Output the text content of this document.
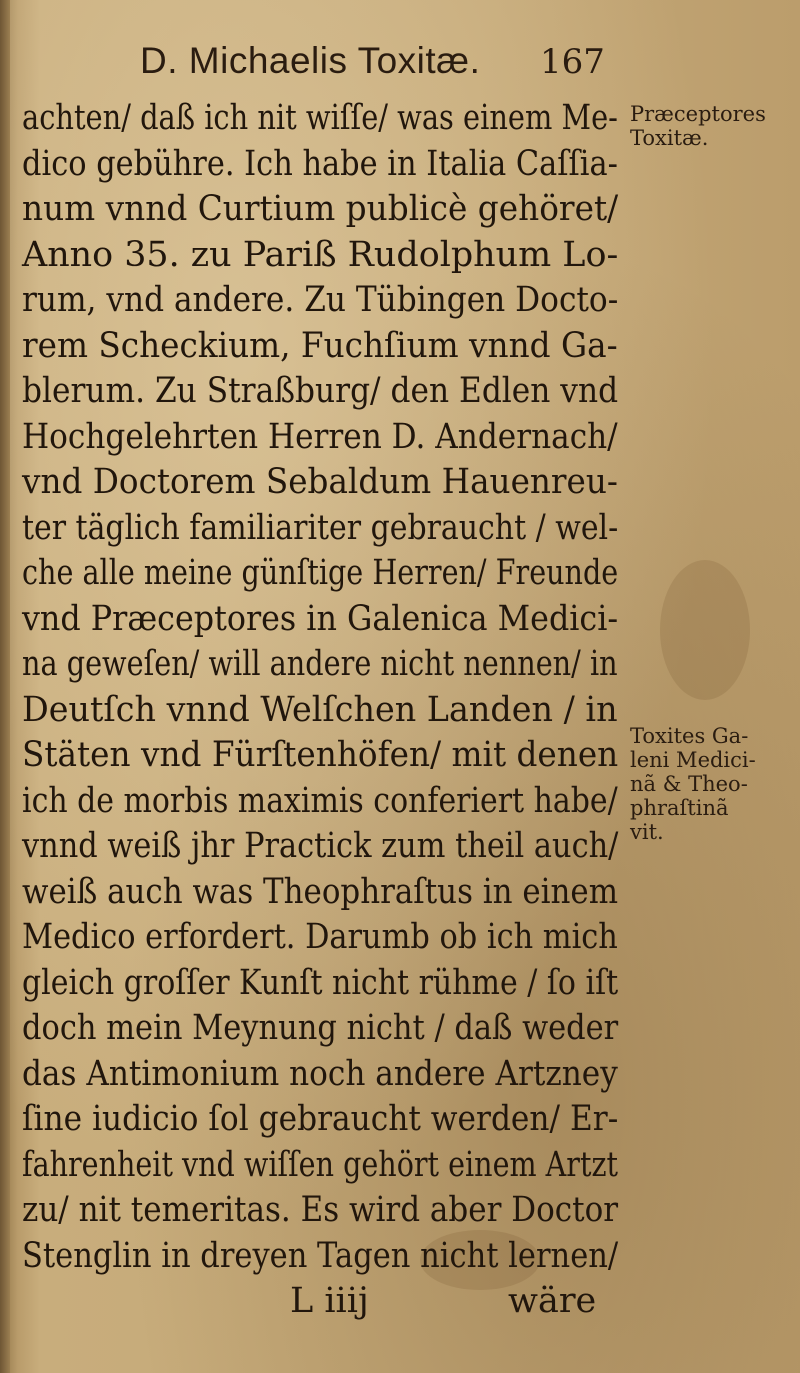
D. Michaelis Toxitæ. 167
achten/ daß ich nit wiſſe/ was einem Me-
dico gebühre. Ich habe in Italia Caſſia-
num vnnd Curtium publicè gehöret/
Anno 35. zu Pariß Rudolphum Lo-
rum, vnd andere. Zu Tübingen Docto-
rem Scheckium, Fuchſium vnnd Ga-
blerum. Zu Straßburg/ den Edlen vnd
Hochgelehrten Herren D. Andernach/
vnd Doctorem Sebaldum Hauenreu-
ter täglich familiariter gebraucht / wel-
che alle meine günſtige Herren/ Freunde
vnd Præceptores in Galenica Medici-
na geweſen/ will andere nicht nennen/ in
Deutſch vnnd Welſchen Landen / in
Stäten vnd Fürſtenhöfen/ mit denen
ich de morbis maximis conferiert habe/
vnnd weiß jhr Practick zum theil auch/
weiß auch was Theophraſtus in einem
Medico erfordert. Darumb ob ich mich
gleich groſſer Kunſt nicht rühme / ſo iſt
doch mein Meynung nicht / daß weder
das Antimonium noch andere Artzney
ſine iudicio ſol gebraucht werden/ Er-
fahrenheit vnd wiſſen gehört einem Artzt
zu/ nit temeritas. Es wird aber Doctor
Stenglin in dreyen Tagen nicht lernen/
L iiij	wäre
Præceptores
Toxitæ.
Toxites Ga-
leni Medici-
nã & Theo-
phraſtinã
vit.
